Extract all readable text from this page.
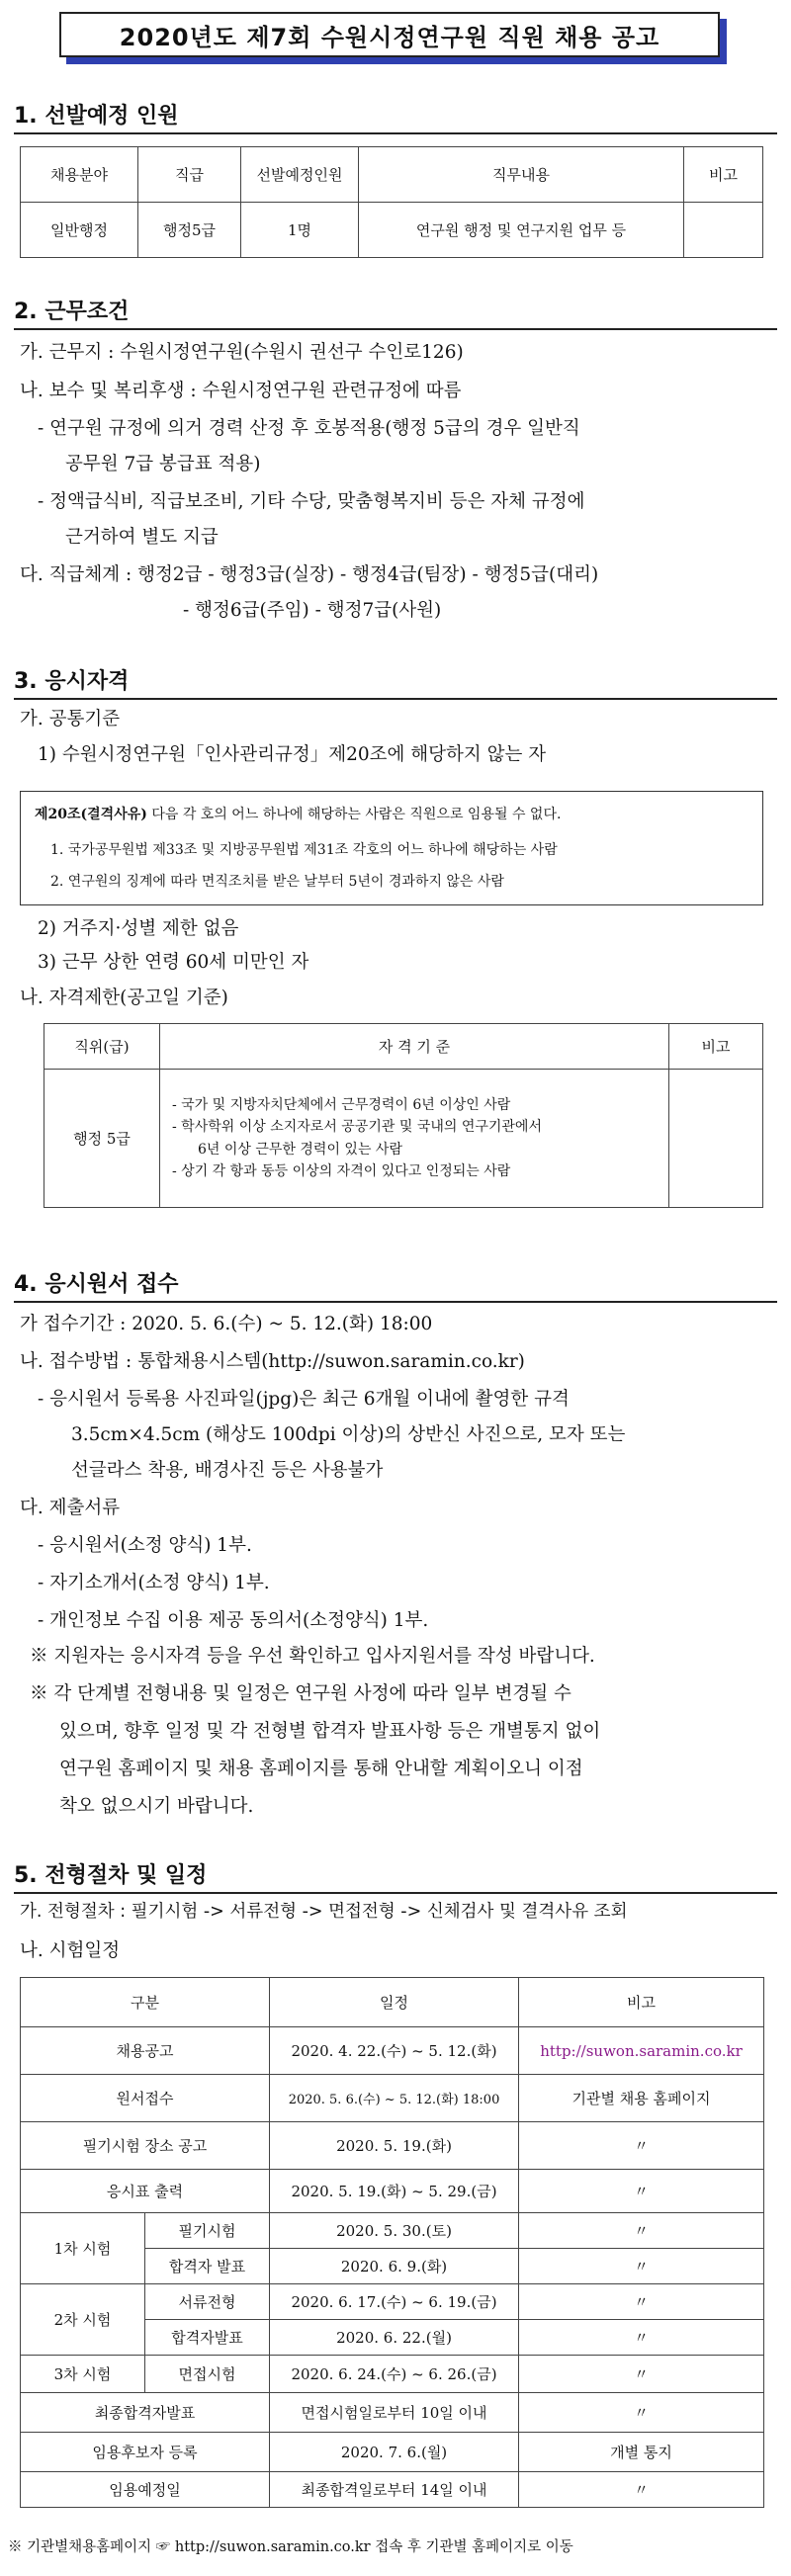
2020년도 제7회 수원시정연구원 직원 채용 공고
1. 선발예정 인원
채용분야	직급	선발예정인원	직무내용	비고
일반행정	행정5급	1명	연구원 행정 및 연구지원 업무 등	
2. 근무조건
가. 근무지 : 수원시정연구원(수원시 권선구 수인로126)
나. 보수 및 복리후생 : 수원시정연구원 관련규정에 따름
- 연구원 규정에 의거 경력 산정 후 호봉적용(행정 5급의 경우 일반직
공무원 7급 봉급표 적용)
- 정액급식비, 직급보조비, 기타 수당, 맞춤형복지비 등은 자체 규정에
근거하여 별도 지급
다. 직급체계 : 행정2급 - 행정3급(실장) - 행정4급(팀장) - 행정5급(대리)
- 행정6급(주임) - 행정7급(사원)
3. 응시자격
가. 공통기준
1) 수원시정연구원「인사관리규정」제20조에 해당하지 않는 자
제20조(결격사유) 다음 각 호의 어느 하나에 해당하는 사람은 직원으로 임용될 수 없다.
1. 국가공무원법 제33조 및 지방공무원법 제31조 각호의 어느 하나에 해당하는 사람
2. 연구원의 징계에 따라 면직조치를 받은 날부터 5년이 경과하지 않은 사람
2) 거주지·성별 제한 없음
3) 근무 상한 연령 60세 미만인 자
나. 자격제한(공고일 기준)
직위(급)	자 격 기 준	비고
행정 5급	- 국가 및 지방자치단체에서 근무경력이 6년 이상인 사람
- 학사학위 이상 소지자로서 공공기관 및 국내의 연구기관에서
6년 이상 근무한 경력이 있는 사람
- 상기 각 항과 동등 이상의 자격이 있다고 인정되는 사람	

4. 응시원서 접수
가 접수기간 : 2020. 5. 6.(수) ~ 5. 12.(화) 18:00
나. 접수방법 : 통합채용시스템(http://suwon.saramin.co.kr)
- 응시원서 등록용 사진파일(jpg)은 최근 6개월 이내에 촬영한 규격
3.5cm×4.5cm (해상도 100dpi 이상)의 상반신 사진으로, 모자 또는
선글라스 착용, 배경사진 등은 사용불가
다. 제출서류
- 응시원서(소정 양식) 1부.
- 자기소개서(소정 양식) 1부.
- 개인정보 수집 이용 제공 동의서(소정양식) 1부.
※ 지원자는 응시자격 등을 우선 확인하고 입사지원서를 작성 바랍니다.
※ 각 단계별 전형내용 및 일정은 연구원 사정에 따라 일부 변경될 수
있으며, 향후 일정 및 각 전형별 합격자 발표사항 등은 개별통지 없이
연구원 홈페이지 및 채용 홈페이지를 통해 안내할 계획이오니 이점
착오 없으시기 바랍니다.
5. 전형절차 및 일정
가. 전형절차 : 필기시험 -> 서류전형 -> 면접전형 -> 신체검사 및 결격사유 조회
나. 시험일정
구분		일정	비고
채용공고		2020. 4. 22.(수) ~ 5. 12.(화)	http://suwon.saramin.co.kr
원서접수		2020. 5. 6.(수) ~ 5. 12.(화) 18:00	기관별 채용 홈페이지
필기시험 장소 공고		2020. 5. 19.(화)	〃
응시표 출력		2020. 5. 19.(화) ~ 5. 29.(금)	〃
1차 시험	필기시험	2020. 5. 30.(토)	〃
	합격자 발표	2020. 6. 9.(화)	〃
2차 시험	서류전형	2020. 6. 17.(수) ~ 6. 19.(금)	〃
	합격자발표	2020. 6. 22.(월)	〃
3차 시험	면접시험	2020. 6. 24.(수) ~ 6. 26.(금)	〃
최종합격자발표		면접시험일로부터 10일 이내	〃
임용후보자 등록		2020. 7. 6.(월)	개별 통지
임용예정일		최종합격일로부터 14일 이내	〃
※ 기관별채용홈페이지 ☞ http://suwon.saramin.co.kr 접속 후 기관별 홈페이지로 이동
